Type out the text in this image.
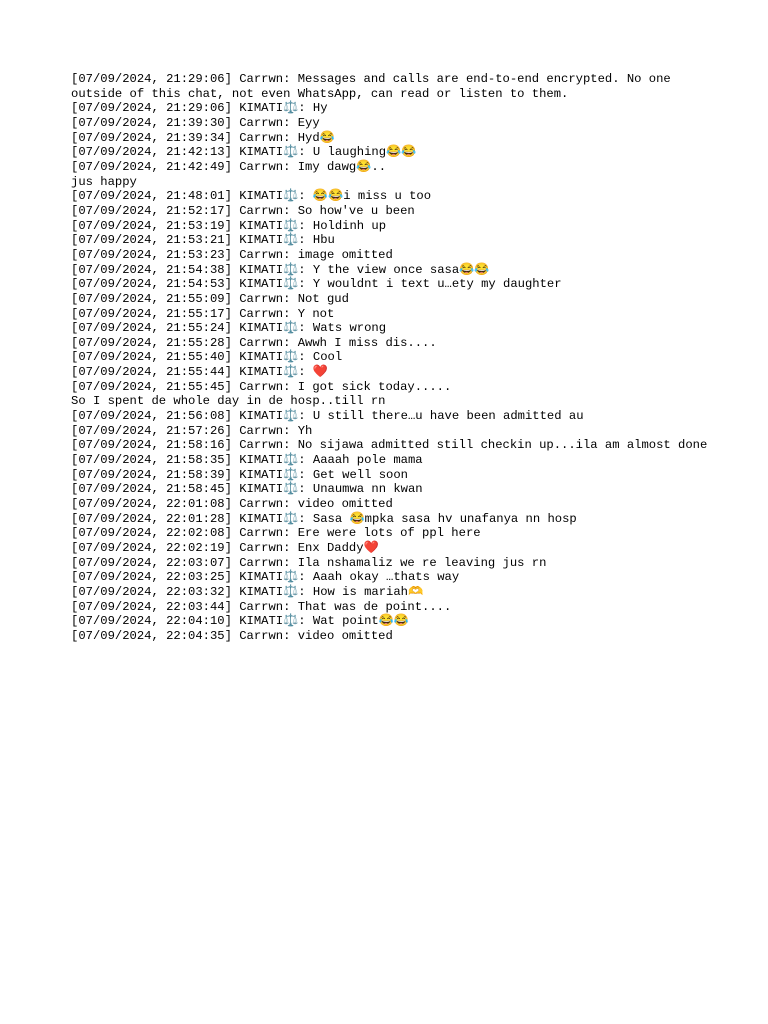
[07/09/2024, 21:29:06] Carrwn: Messages and calls are end-to-end encrypted. No one outside of this chat, not even WhatsApp, can read or listen to them.
[07/09/2024, 21:29:06] KIMATI⚖️: Hy
[07/09/2024, 21:39:30] Carrwn: Eyy
[07/09/2024, 21:39:34] Carrwn: Hyd😂
[07/09/2024, 21:42:13] KIMATI⚖️: U laughing😂😂
[07/09/2024, 21:42:49] Carrwn: Imy dawg😂..
jus happy
[07/09/2024, 21:48:01] KIMATI⚖️: 😂😂i miss u too
[07/09/2024, 21:52:17] Carrwn: So how've u been
[07/09/2024, 21:53:19] KIMATI⚖️: Holdinh up
[07/09/2024, 21:53:21] KIMATI⚖️: Hbu
[07/09/2024, 21:53:23] Carrwn: image omitted
[07/09/2024, 21:54:38] KIMATI⚖️: Y the view once sasa😂😂
[07/09/2024, 21:54:53] KIMATI⚖️: Y wouldnt i text u…ety my daughter
[07/09/2024, 21:55:09] Carrwn: Not gud
[07/09/2024, 21:55:17] Carrwn: Y not
[07/09/2024, 21:55:24] KIMATI⚖️: Wats wrong
[07/09/2024, 21:55:28] Carrwn: Awwh I miss dis....
[07/09/2024, 21:55:40] KIMATI⚖️: Cool
[07/09/2024, 21:55:44] KIMATI⚖️: ❤️
[07/09/2024, 21:55:45] Carrwn: I got sick today.....
So I spent de whole day in de hosp..till rn
[07/09/2024, 21:56:08] KIMATI⚖️: U still there…u have been admitted au
[07/09/2024, 21:57:26] Carrwn: Yh
[07/09/2024, 21:58:16] Carrwn: No sijawa admitted still checkin up...ila am almost done
[07/09/2024, 21:58:35] KIMATI⚖️: Aaaah pole mama
[07/09/2024, 21:58:39] KIMATI⚖️: Get well soon
[07/09/2024, 21:58:45] KIMATI⚖️: Unaumwa nn kwan
[07/09/2024, 22:01:08] Carrwn: video omitted
[07/09/2024, 22:01:28] KIMATI⚖️: Sasa 😂mpka sasa hv unafanya nn hosp
[07/09/2024, 22:02:08] Carrwn: Ere were lots of ppl here
[07/09/2024, 22:02:19] Carrwn: Enx Daddy❤️
[07/09/2024, 22:03:07] Carrwn: Ila nshamaliz we re leaving jus rn
[07/09/2024, 22:03:25] KIMATI⚖️: Aaah okay …thats way
[07/09/2024, 22:03:32] KIMATI⚖️: How is mariah🫶
[07/09/2024, 22:03:44] Carrwn: That was de point....
[07/09/2024, 22:04:10] KIMATI⚖️: Wat point😂😂
[07/09/2024, 22:04:35] Carrwn: video omitted
